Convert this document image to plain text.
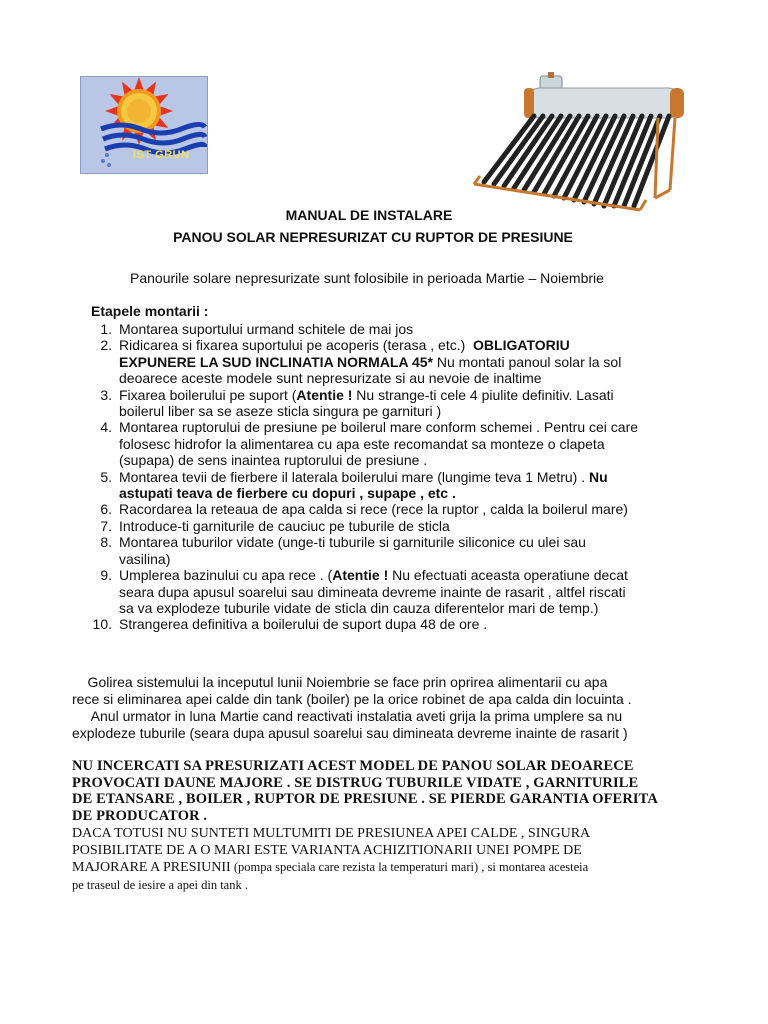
IST GRUN
MANUAL DE INSTALARE
PANOU SOLAR NEPRESURIZAT CU RUPTOR DE PRESIUNE
Panourile solare nepresurizate sunt folosibile in perioada Martie – Noiembrie
Etapele montarii :
1. Montarea suportului urmand schitele de mai jos
2. Ridicarea si fixarea suportului pe acoperis (terasa , etc.)  OBLIGATORIU
EXPUNERE LA SUD INCLINATIA NORMALA 45* Nu montati panoul solar la sol
deoarece aceste modele sunt nepresurizate si au nevoie de inaltime
3. Fixarea boilerului pe suport (Atentie ! Nu strange-ti cele 4 piulite definitiv. Lasati
boilerul liber sa se aseze sticla singura pe garnituri )
4. Montarea ruptorului de presiune pe boilerul mare conform schemei . Pentru cei care
folosesc hidrofor la alimentarea cu apa este recomandat sa monteze o clapeta
(supapa) de sens inaintea ruptorului de presiune .
5. Montarea tevii de fierbere il laterala boilerului mare (lungime teva 1 Metru) . Nu
astupati teava de fierbere cu dopuri , supape , etc .
6. Racordarea la reteaua de apa calda si rece (rece la ruptor , calda la boilerul mare)
7. Introduce-ti garniturile de cauciuc pe tuburile de sticla
8. Montarea tuburilor vidate (unge-ti tuburile si garniturile siliconice cu ulei sau
vasilina)
9. Umplerea bazinului cu apa rece . (Atentie ! Nu efectuati aceasta operatiune decat
seara dupa apusul soarelui sau dimineata devreme inainte de rasarit , altfel riscati
sa va explodeze tuburile vidate de sticla din cauza diferentelor mari de temp.)
10. Strangerea definitiva a boilerului de suport dupa 48 de ore .
Golirea sistemului la inceputul lunii Noiembrie se face prin oprirea alimentarii cu apa
rece si eliminarea apei calde din tank (boiler) pe la orice robinet de apa calda din locuinta .
Anul urmator in luna Martie cand reactivati instalatia aveti grija la prima umplere sa nu
explodeze tuburile (seara dupa apusul soarelui sau dimineata devreme inainte de rasarit )
NU INCERCATI SA PRESURIZATI ACEST MODEL DE PANOU SOLAR DEOARECE
PROVOCATI DAUNE MAJORE . SE DISTRUG TUBURILE VIDATE , GARNITURILE
DE ETANSARE , BOILER , RUPTOR DE PRESIUNE . SE PIERDE GARANTIA OFERITA
DE PRODUCATOR .
DACA TOTUSI NU SUNTETI MULTUMITI DE PRESIUNEA APEI CALDE , SINGURA
POSIBILITATE DE A O MARI ESTE VARIANTA ACHIZITIONARII UNEI POMPE DE
MAJORARE A PRESIUNII (pompa speciala care rezista la temperaturi mari) , si montarea acesteia
pe traseul de iesire a apei din tank .
